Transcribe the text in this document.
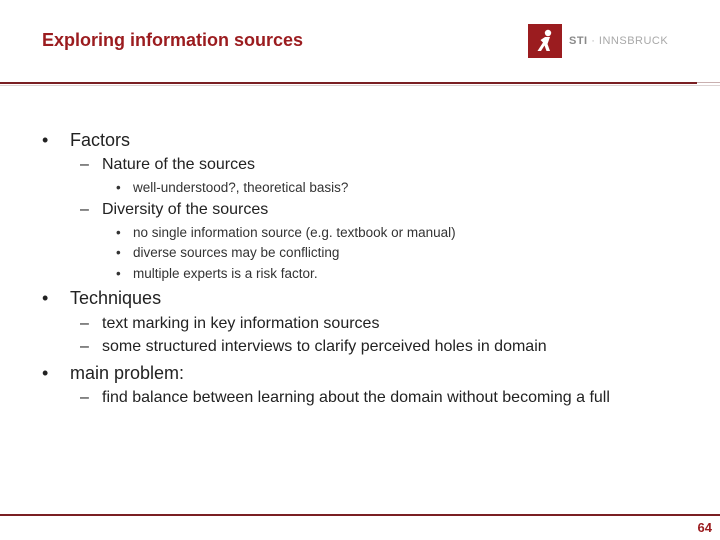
Exploring information sources	STI · INNSBRUCK
• Factors
– Nature of the sources
• well-understood?, theoretical basis?
– Diversity of the sources
• no single information source (e.g. textbook or manual)
• diverse sources may be conflicting
• multiple experts is a risk factor.
• Techniques
– text marking in key information sources
– some structured interviews to clarify perceived holes in domain
• main problem:
– find balance between learning about the domain without becoming a full
64
